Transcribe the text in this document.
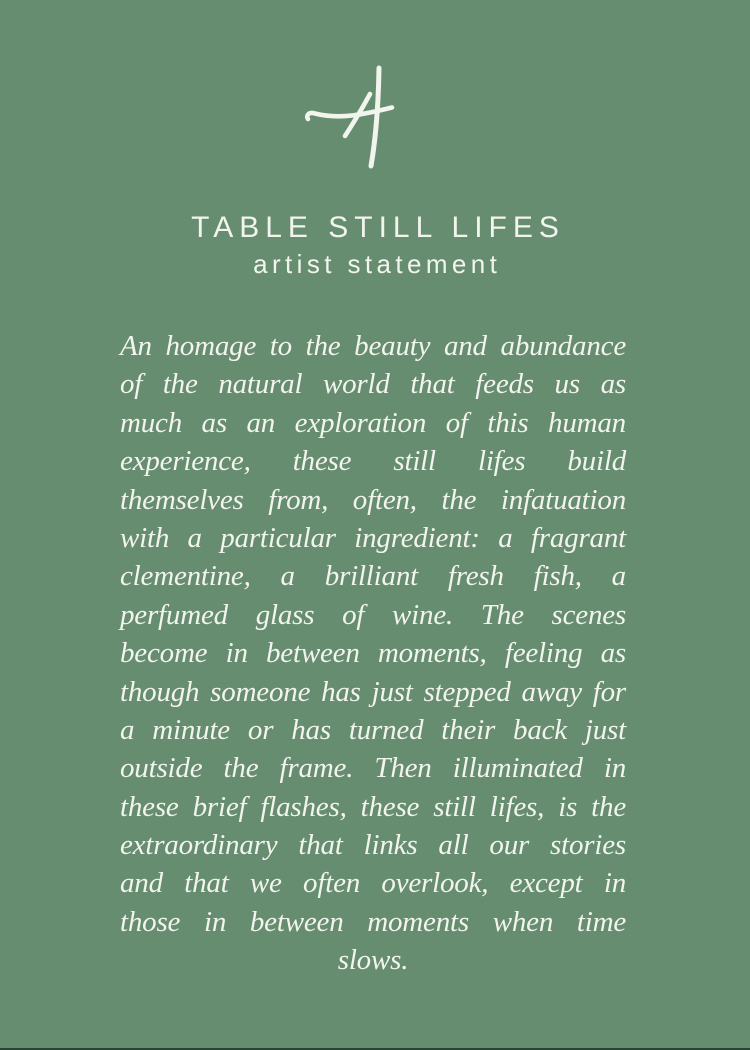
TABLE STILL LIFES
artist statement
An homage to the beauty and abundance
of the natural world that feeds us as
much as an exploration of this human
experience, these still lifes build
themselves from, often, the infatuation
with a particular ingredient: a fragrant
clementine, a brilliant fresh fish, a
perfumed glass of wine. The scenes
become in between moments, feeling as
though someone has just stepped away for
a minute or has turned their back just
outside the frame. Then illuminated in
these brief flashes, these still lifes, is the
extraordinary that links all our stories
and that we often overlook, except in
those in between moments when time
slows.
